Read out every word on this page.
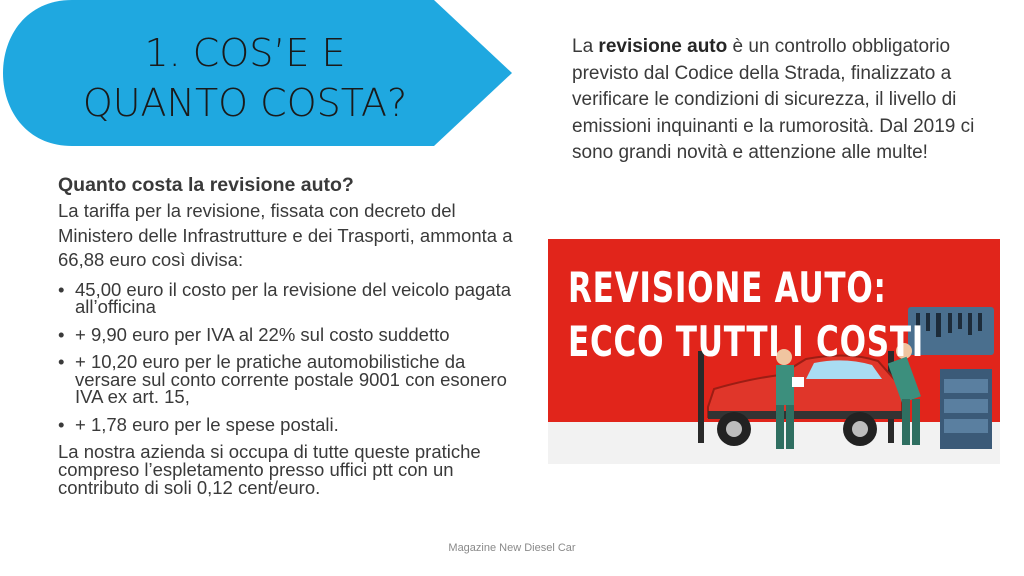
1. COS’E E
QUANTO COSTA?
La revisione auto è un controllo obbligatorio previsto dal Codice della Strada, finalizzato a verificare le condizioni di sicurezza, il livello di emissioni inquinanti e la rumorosità. Dal 2019 ci sono grandi novità e attenzione alle multe!
Quanto costa la revisione auto?
La tariffa per la revisione, fissata con decreto del Ministero delle Infrastrutture e dei Trasporti, ammonta a 66,88 euro così divisa:
• 45,00 euro il costo per la revisione del veicolo pagata all’officina
• + 9,90 euro per IVA al 22% sul costo suddetto
• + 10,20 euro per le pratiche automobilistiche da versare sul conto corrente postale 9001 con esonero IVA ex art. 15,
• + 1,78 euro per le spese postali.
La nostra azienda si occupa di tutte queste pratiche compreso l’espletamento presso uffici ptt con un contributo di soli 0,12 cent/euro.
REVISIONE AUTO:
ECCO TUTTI I COSTI
Magazine New Diesel Car
